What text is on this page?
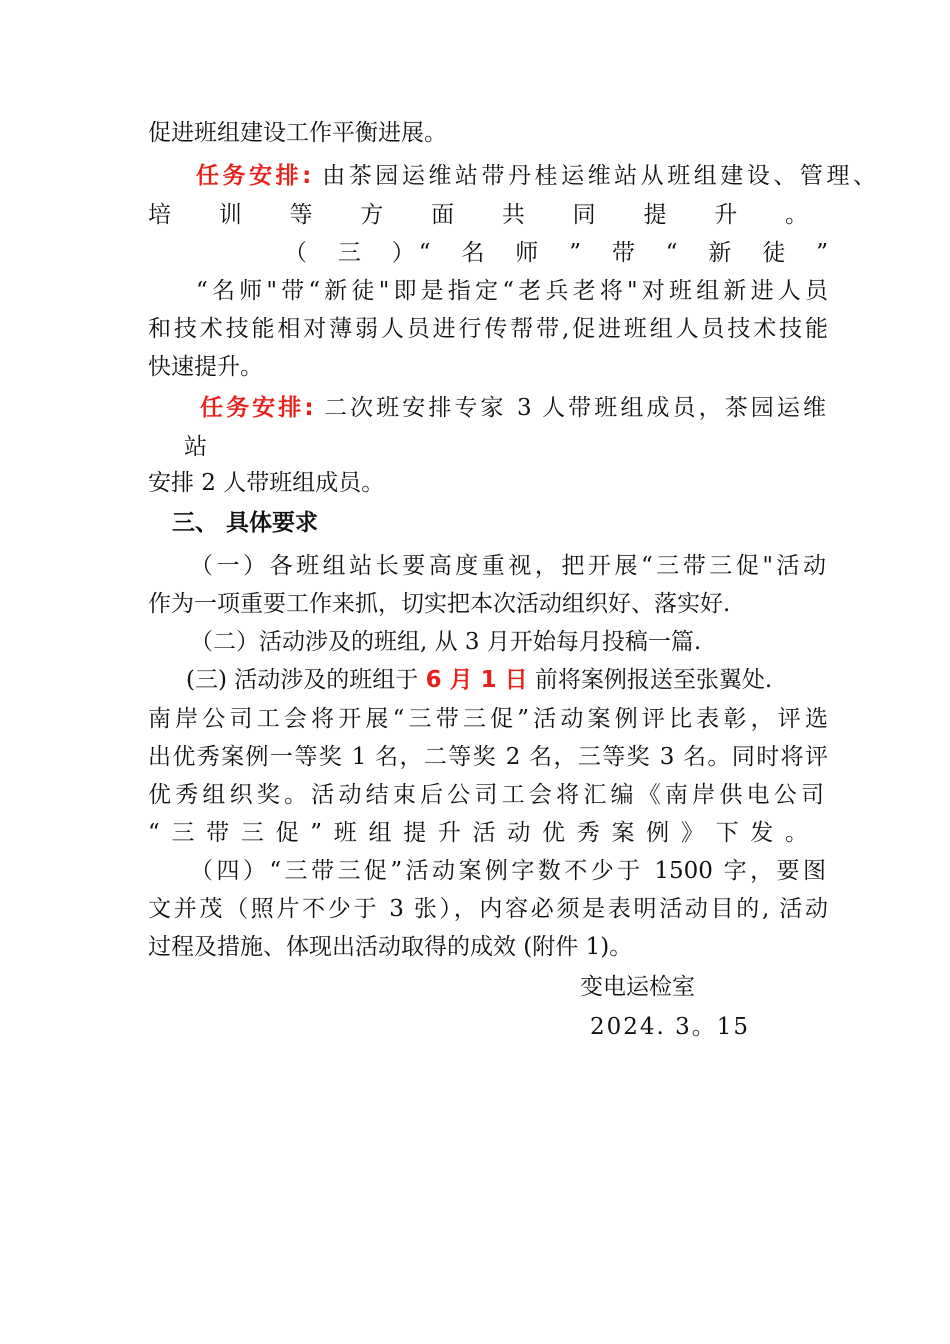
促进班组建设工作平衡进展。
任务安排: 由茶园运维站带丹桂运维站从班组建设、管理、
培　训　等　方　面　共　同　提　升　。
（　三　）“　名　师　”　带　“　新　徒　”
“名师"带“新徒"即是指定“老兵老将"对班组新进人员
和技术技能相对薄弱人员进行传帮带,促进班组人员技术技能
快速提升。
任务安排: 二次班安排专家 3 人带班组成员，茶园运维
站
安排 2 人带班组成员。
三、 具体要求
（一）各班组站长要高度重视，把开展“三带三促"活动
作为一项重要工作来抓，切实把本次活动组织好、落实好.
（二）活动涉及的班组, 从 3 月开始每月投稿一篇.
(三) 活动涉及的班组于 6 月 1 日 前将案例报送至张翼处.
南岸公司工会将开展“三带三促”活动案例评比表彰，评选
出优秀案例一等奖 1 名，二等奖 2 名，三等奖 3 名。同时将评
优秀组织奖。活动结束后公司工会将汇编《南岸供电公司
“三带三促”班组提升活动优秀案例》下发。
（四）“三带三促”活动案例字数不少于 1500 字，要图
文并茂（照片不少于 3 张），内容必须是表明活动目的, 活动
过程及措施、体现出活动取得的成效 (附件 1)。
变电运检室
2024. 3。15
